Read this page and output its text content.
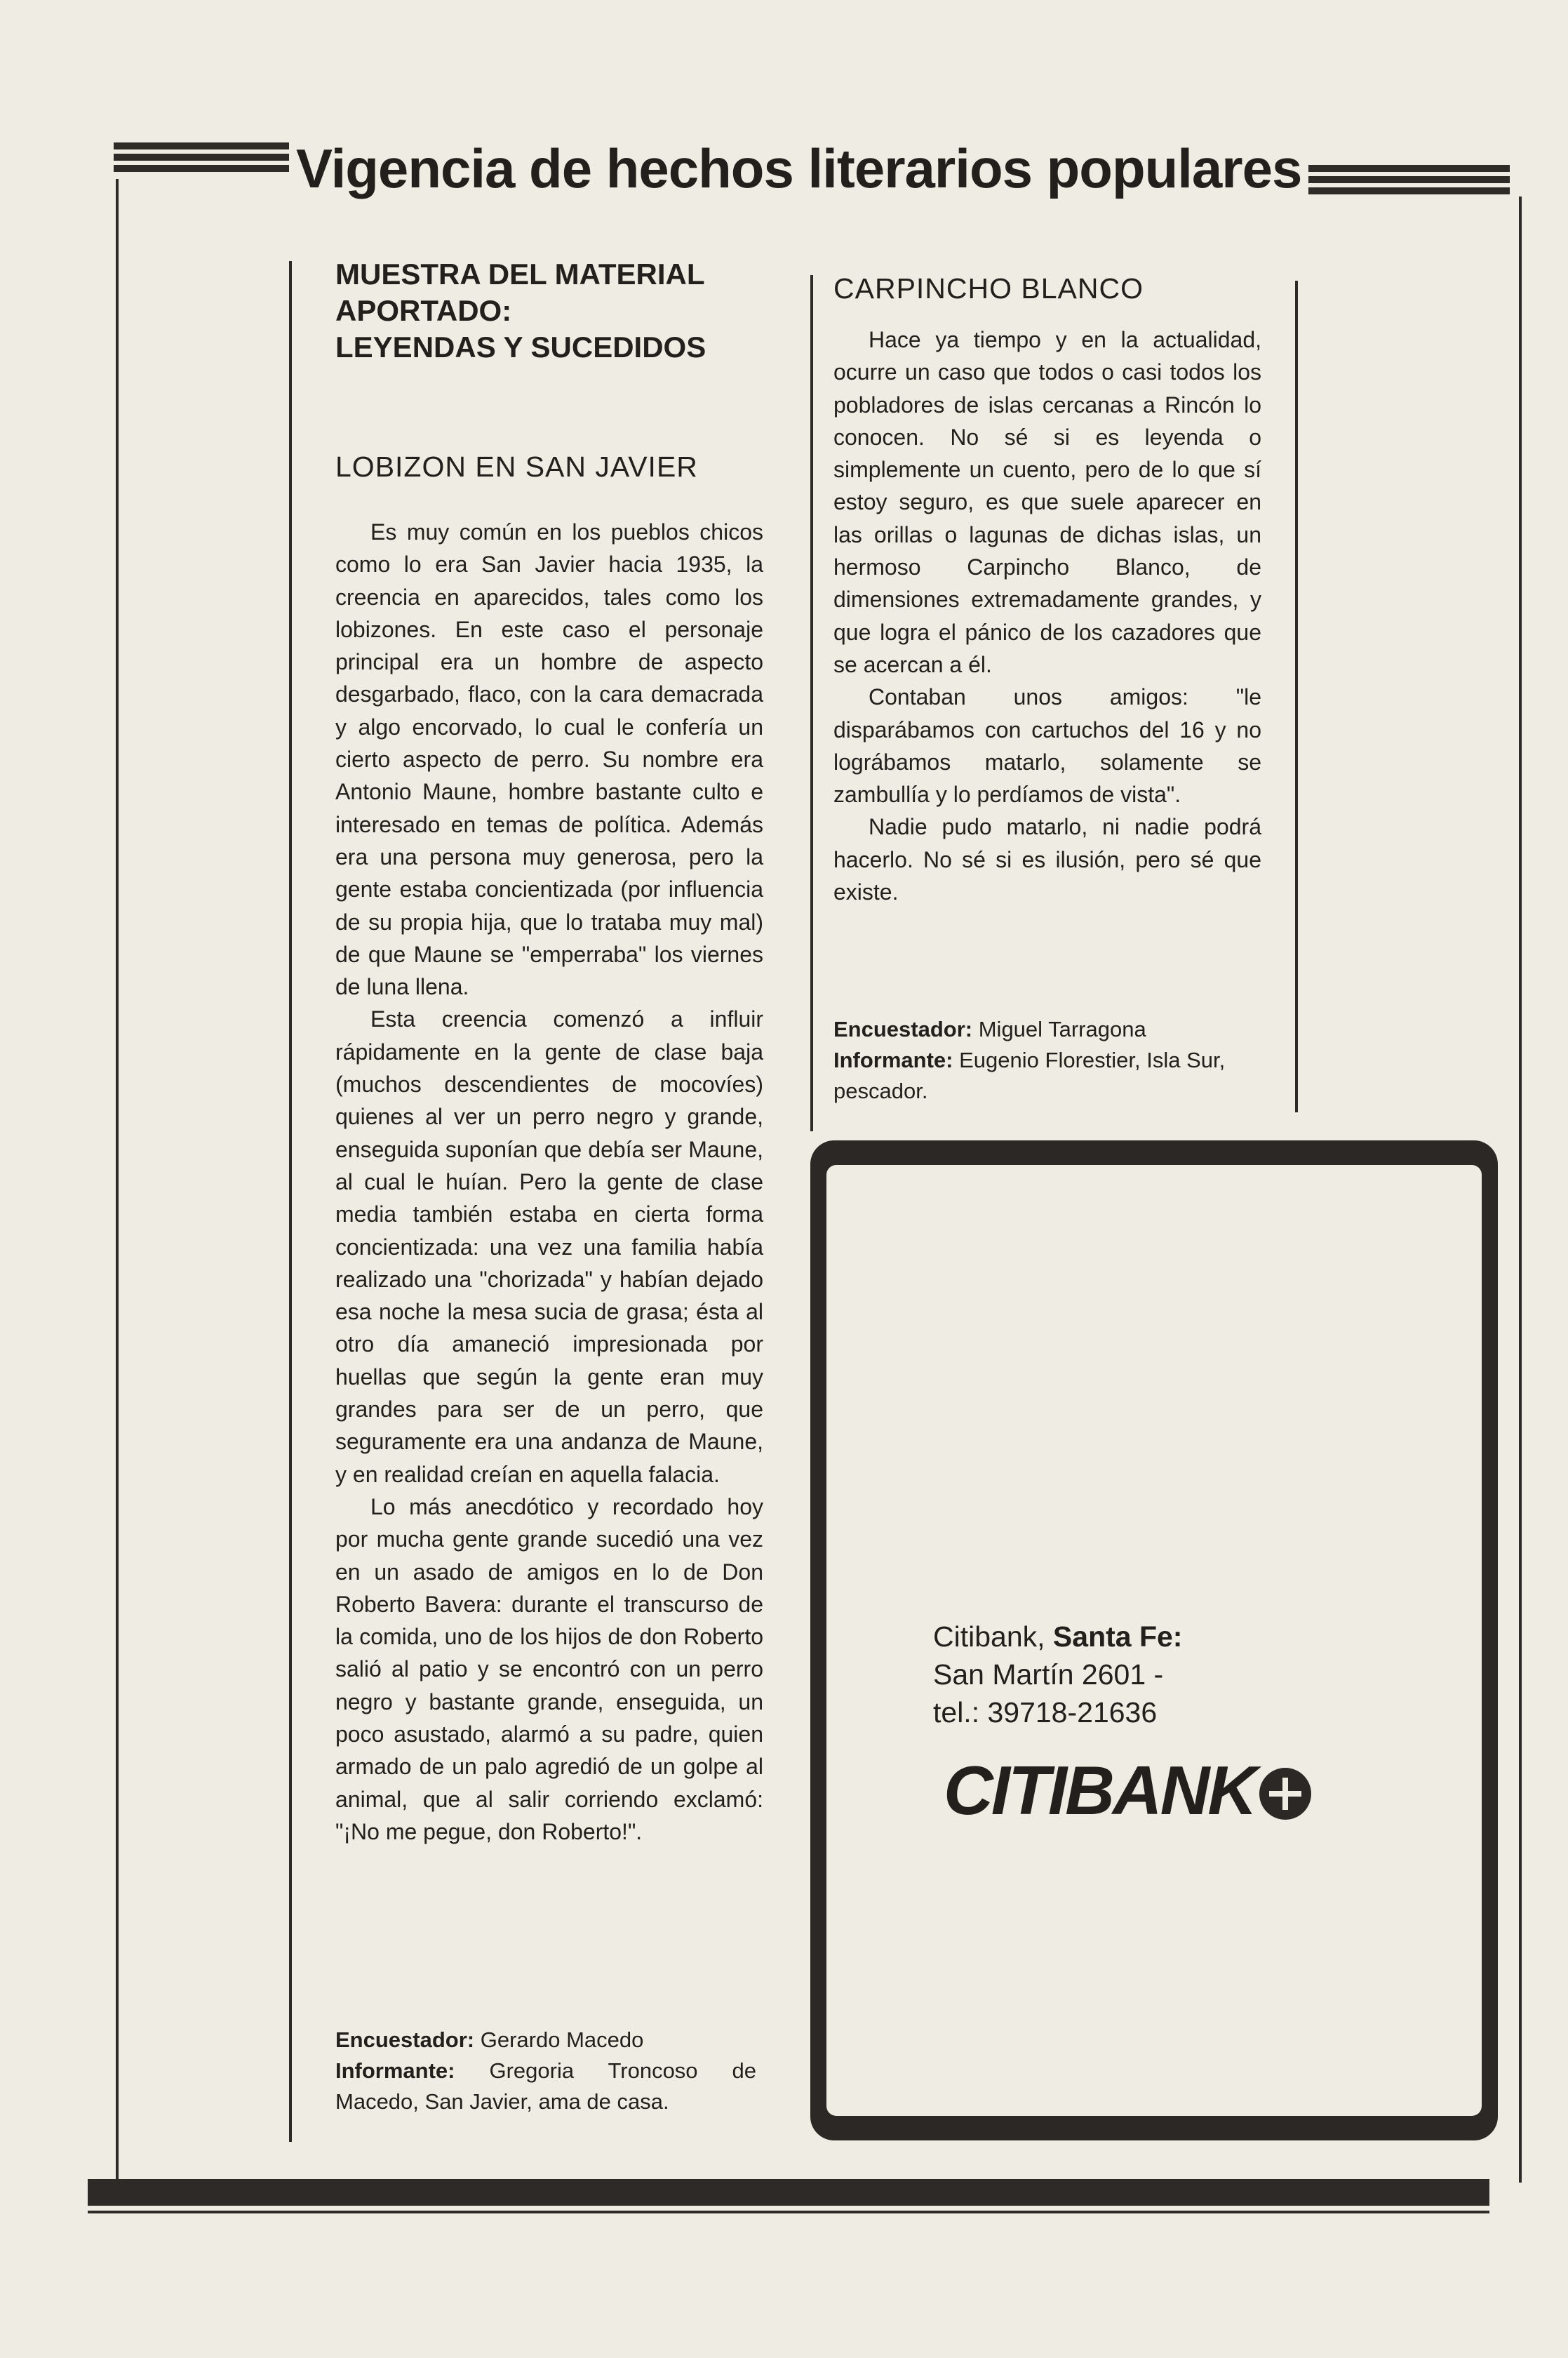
Vigencia de hechos literarios populares
MUESTRA DEL MATERIAL
APORTADO:
LEYENDAS Y SUCEDIDOS
LOBIZON EN SAN JAVIER

Es muy común en los pueblos chicos como lo era San Javier hacia 1935, la creencia en aparecidos, tales como los lobizones. En este caso el personaje principal era un hombre de aspecto desgarbado, flaco, con la cara demacrada y algo encorvado, lo cual le confería un cierto aspecto de perro. Su nombre era Antonio Maune, hombre bastante culto e interesado en temas de política. Además era una persona muy generosa, pero la gente estaba concientizada (por influencia de su propia hija, que lo trataba muy mal) de que Maune se "emperraba" los viernes de luna llena.

Esta creencia comenzó a influir rápidamente en la gente de clase baja (muchos descendientes de mocovíes) quienes al ver un perro negro y grande, enseguida suponían que debía ser Maune, al cual le huían. Pero la gente de clase media también estaba en cierta forma concientizada: una vez una familia había realizado una "chorizada" y habían dejado esa noche la mesa sucia de grasa; ésta al otro día amaneció impresionada por huellas que según la gente eran muy grandes para ser de un perro, que seguramente era una andanza de Maune, y en realidad creían en aquella falacia.

Lo más anecdótico y recordado hoy por mucha gente grande sucedió una vez en un asado de amigos en lo de Don Roberto Bavera: durante el transcurso de la comida, uno de los hijos de don Roberto salió al patio y se encontró con un perro negro y bastante grande, enseguida, un poco asustado, alarmó a su padre, quien armado de un palo agredió de un golpe al animal, que al salir corriendo exclamó: "¡No me pegue, don Roberto!".

Encuestador: Gerardo Macedo
Informante: Gregoria Troncoso de Macedo, San Javier, ama de casa.
CARPINCHO BLANCO

Hace ya tiempo y en la actualidad, ocurre un caso que todos o casi todos los pobladores de islas cercanas a Rincón lo conocen. No sé si es leyenda o simplemente un cuento, pero de lo que sí estoy seguro, es que suele aparecer en las orillas o lagunas de dichas islas, un hermoso Carpincho Blanco, de dimensiones extremadamente grandes, y que logra el pánico de los cazadores que se acercan a él.

Contaban unos amigos: "le disparábamos con cartuchos del 16 y no lográbamos matarlo, solamente se zambullía y lo perdíamos de vista".

Nadie pudo matarlo, ni nadie podrá hacerlo. No sé si es ilusión, pero sé que existe.

Encuestador: Miguel Tarragona
Informante: Eugenio Florestier, Isla Sur, pescador.
Citibank, Santa Fe:
San Martín 2601 -
tel.: 39718-21636
CITIBANK
